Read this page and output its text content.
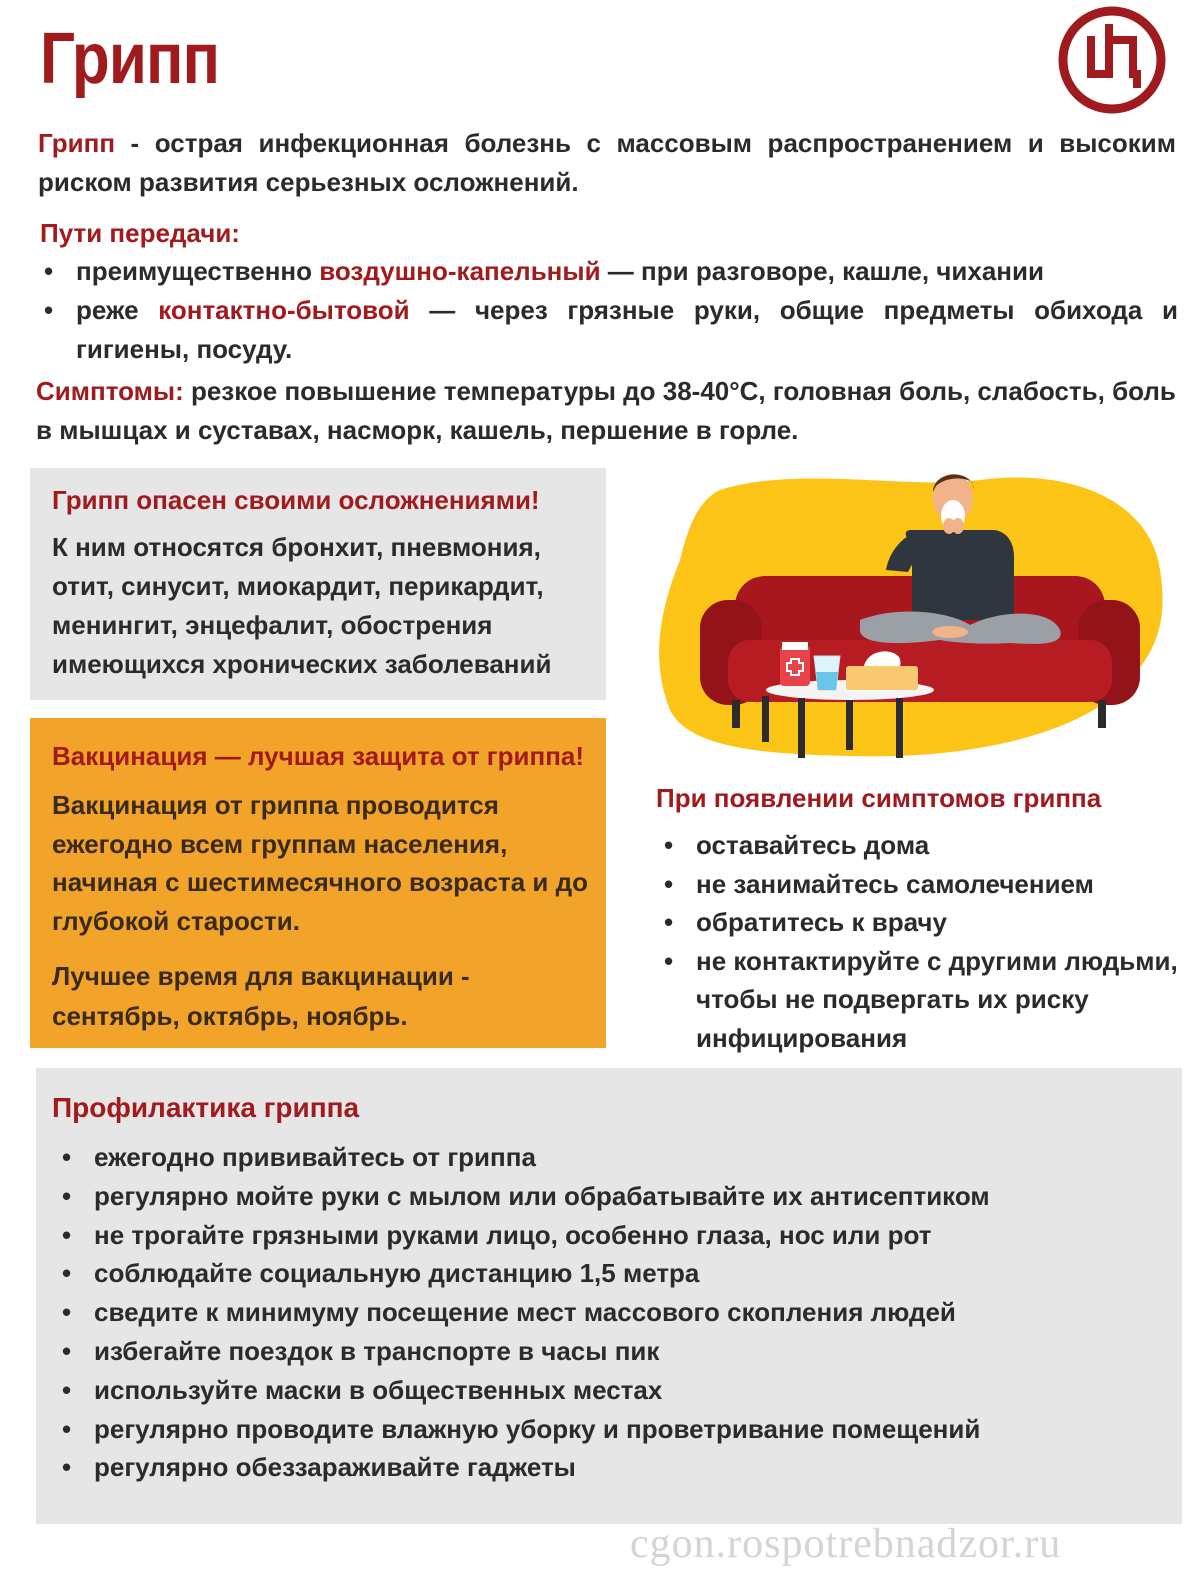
Грипп
Грипп - острая инфекционная болезнь с массовым распространением и высоким риском развития серьезных осложнений.
Пути передачи:
• преимущественно воздушно-капельный — при разговоре, кашле, чихании
• реже контактно-бытовой — через грязные руки, общие предметы обихода и гигиены, посуду.
Симптомы: резкое повышение температуры до 38-40°C, головная боль, слабость, боль в мышцах и суставах, насморк, кашель, першение в горле.
Грипп опасен своими осложнениями!
К ним относятся бронхит, пневмония, отит, синусит, миокардит, перикардит, менингит, энцефалит, обострения имеющихся хронических заболеваний
Вакцинация — лучшая защита от гриппа!
Вакцинация от гриппа проводится ежегодно всем группам населения, начиная с шестимесячного возраста и до глубокой старости.
Лучшее время для вакцинации - сентябрь, октябрь, ноябрь.
При появлении симптомов гриппа
• оставайтесь дома
• не занимайтесь самолечением
• обратитесь к врачу
• не контактируйте с другими людьми, чтобы не подвергать их риску инфицирования
Профилактика гриппа
• ежегодно прививайтесь от гриппа
• регулярно мойте руки с мылом или обрабатывайте их антисептиком
• не трогайте грязными руками лицо, особенно глаза, нос или рот
• соблюдайте социальную дистанцию 1,5 метра
• сведите к минимуму посещение мест массового скопления людей
• избегайте поездок в транспорте в часы пик
• используйте маски в общественных местах
• регулярно проводите влажную уборку и проветривание помещений
• регулярно обеззараживайте гаджеты
cgon.rospotrebnadzor.ru
